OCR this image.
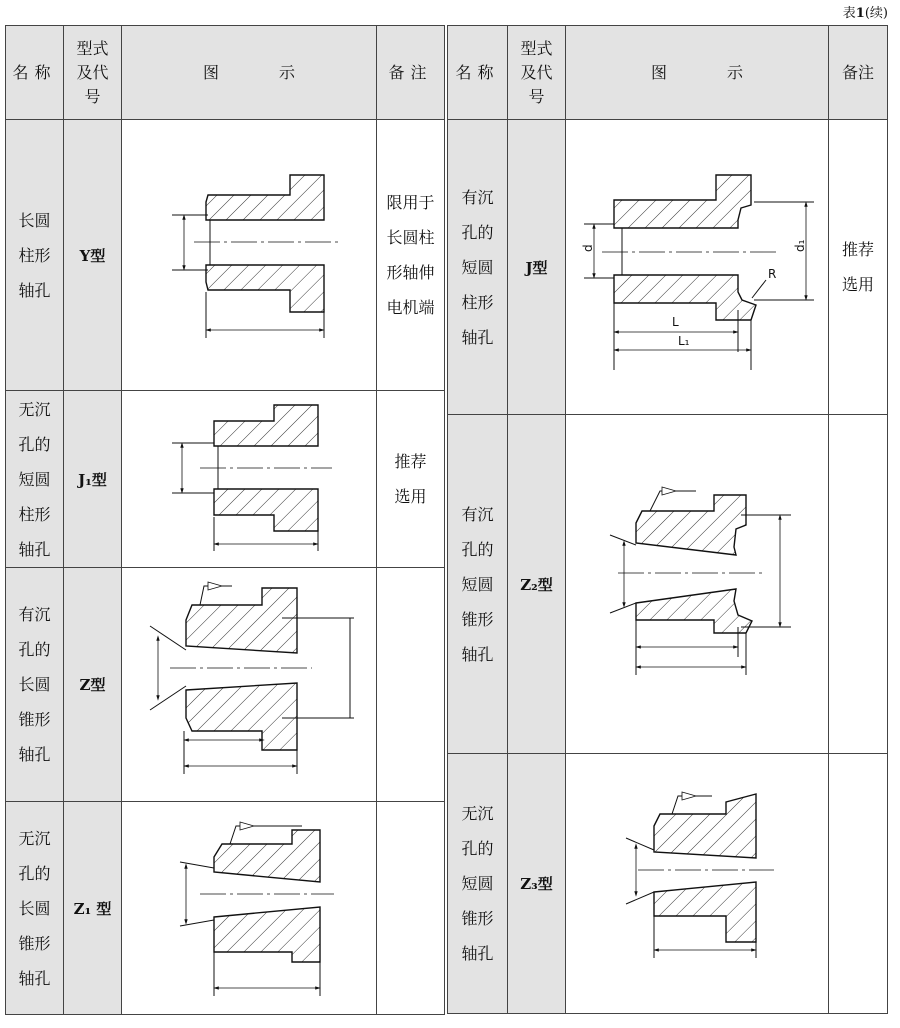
表1(续)
名称	型式
及代
号	图示	备注
长圆
柱形
轴孔	Y型		限用于
长圆柱
形轴伸
电机端
无沉
孔的
短圆
柱形
轴孔	J₁型		推荐
选用
有沉
孔的
长圆
锥形
轴孔	Z型	

无沉
孔的
长圆
锥形
轴孔	Z₁ 型	

名称	型式
及代
号	图示	备注
有沉
孔的
短圆
柱形
轴孔	J型	d d₁
R
L
L₁	推荐
选用
有沉
孔的
短圆
锥形
轴孔	Z₂型	

无沉
孔的
短圆
锥形
轴孔	Z₃型	
